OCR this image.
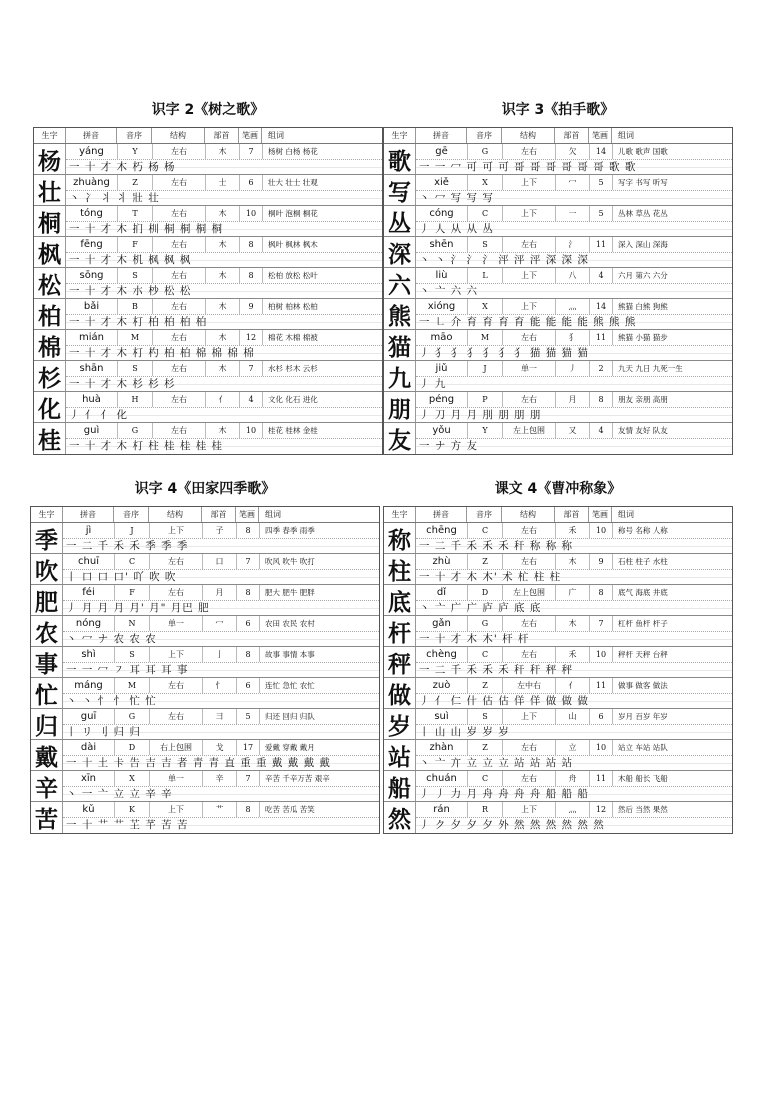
识字 2《树之歌》
生字	拼音	音序	结构	部首	笔画	组词
杨	yáng	Y	左右	木	7	杨树 白杨 杨花
一 十 才 木 朽 杨 杨
壮	zhuàng	Z	左右	士	6	壮大 壮士 壮观
丶 冫 丬 丬 壯 壮
桐	tóng	T	左右	木	10	桐叶 泡桐 桐花
一 十 才 木 扪 杊 桐 桐 桐 桐
枫	fēng	F	左右	木	8	枫叶 枫林 枫木
一 十 才 木 机 枫 枫 枫
松	sōng	S	左右	木	8	松柏 放松 松叶
一 十 才 木 朩 杪 松 松
柏	bǎi	B	左右	木	9	柏树 柏林 松柏
一 十 才 木 朾 柏 柏 柏 柏
棉	mián	M	左右	木	12	棉花 木棉 棉被
一 十 才 木 朾 杓 柏 柏 棉 棉 棉 棉
杉	shān	S	左右	木	7	水杉 杉木 云杉
一 十 才 木 杉 杉 杉
化	huà	H	左右	亻	4	文化 化石 进化
丿 亻 亻 化
桂	guì	G	左右	木	10	桂花 桂林 金桂
一 十 才 木 朾 柱 桂 桂 桂 桂
识字 3《拍手歌》
生字	拼音	音序	结构	部首	笔画	组词
歌	gē	G	左右	欠	14	儿歌 歌声 国歌
一 一 冖 可 可 可 哥 哥 哥 哥 哥 哥 歌 歌
写	xiě	X	上下	冖	5	写字 书写 听写
丶 冖 写 写 写
丛	cóng	C	上下	一	5	丛林 草丛 花丛
丿 人 从 从 丛
深	shēn	S	左右	氵	11	深入 深山 深海
丶 丶 氵 氵 氵 泙 泙 泙 深 深 深
六	liù	L	上下	八	4	六月 第六 六分
丶 亠 六 六
熊	xióng	X	上下	灬	14	熊猫 白熊 狗熊
一 ㇗ 介 育 育 育 育 能 能 能 能 熊 熊 熊
猫	māo	M	左右	犭	11	熊猫 小猫 猫步
丿 犭 犭 犭 犭 犭 犭 猫 猫 猫 猫
九	jiǔ	J	单一	丿	2	九天 九日 九死一生
丿 九
朋	péng	P	左右	月	8	朋友 亲朋 高朋
丿 刀 月 月 刖 朋 朋 朋
友	yǒu	Y	左上包围	又	4	友情 友好 队友
一 ナ 方 友
识字 4《田家四季歌》
生字	拼音	音序	结构	部首	笔画	组词
季	jì	J	上下	子	8	四季 春季 雨季
一 二 千 禾 禾 季 季 季
吹	chuī	C	左右	口	7	吹风 吹牛 吹打
丨 口 口 口' 吖 吹 吹
肥	féi	F	左右	月	8	肥大 肥牛 肥胖
丿 月 月 月 月' 月" 月巴 肥
农	nóng	N	单一	冖	6	农田 农民 农村
丶 冖 ナ 农 农 农
事	shì	S	上下	亅	8	故事 事情 本事
一 一 冖 ㇇ 耳 耳 耳 事
忙	máng	M	左右	忄	6	连忙 急忙 农忙
丶 丶 忄 忄 忙 忙
归	guī	G	左右	彐	5	归还 回归 归队
丨 リ 刂 归 归
戴	dài	D	右上包围	戈	17	爱戴 穿戴 戴月
一 十 土 卡 告 吉 吉 者 青 青 直 重 重 戴 戴 戴 戴
辛	xīn	X	单一	辛	7	辛苦 千辛万苦 艰辛
丶 一 亠 立 立 辛 辛
苦	kǔ	K	上下	艹	8	吃苦 苦瓜 苦笑
一 十 艹 艹 芏 芊 苦 苦
课文 4《曹冲称象》
生字	拼音	音序	结构	部首	笔画	组词
称	chēng	C	左右	禾	10	称号 名称 人称
一 二 千 禾 禾 禾 秆 称 称 称
柱	zhù	Z	左右	木	9	石柱 柱子 水柱
一 十 才 木 木' 术 杧 柱 柱
底	dǐ	D	左上包围	广	8	底气 海底 井底
丶 亠 广 广 庐 庐 底 底
杆	gǎn	G	左右	木	7	杠杆 鱼杆 杆子
一 十 才 木 木' 杆 杆
秤	chèng	C	左右	禾	10	秤杆 天秤 台秤
一 二 千 禾 禾 禾 秆 秆 秤 秤
做	zuò	Z	左中右	亻	11	做事 做客 做法
丿 亻 仁 什 估 估 佯 佯 做 做 做
岁	suì	S	上下	山	6	岁月 百岁 年岁
丨 山 山 岁 岁 岁
站	zhàn	Z	左右	立	10	站立 车站 站队
丶 亠 亣 立 立 立 站 站 站 站
船	chuán	C	左右	舟	11	木船 船长 飞船
丿 丿 力 月 舟 舟 舟 舟 船 船 船
然	rán	R	上下	灬	12	然后 当然 果然
丿 ク 夕 夕 夕 外 然 然 然 然 然 然
